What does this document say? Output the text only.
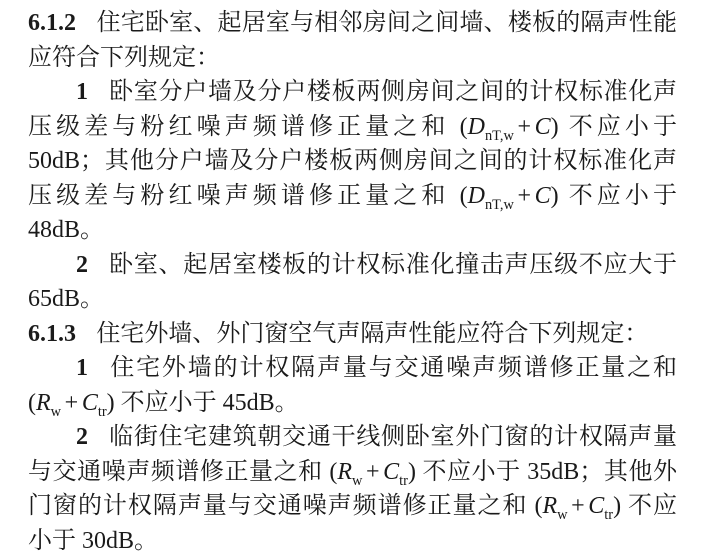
6.1.2 住宅卧室、起居室与相邻房间之间墙、楼板的隔声性能应符合下列规定：

1 卧室分户墙及分户楼板两侧房间之间的计权标准化声压级差与粉红噪声频谱修正量之和 $(D_{nT,w} + C)$ 不应小于 50dB；其他分户墙及分户楼板两侧房间之间的计权标准化声压级差与粉红噪声频谱修正量之和 $(D_{nT,w} + C)$ 不应小于 48dB。

2 卧室、起居室楼板的计权标准化撞击声压级不应大于 65dB。

6.1.3 住宅外墙、外门窗空气声隔声性能应符合下列规定：

1 住宅外墙的计权隔声量与交通噪声频谱修正量之和 $(R_w + C_{tr})$ 不应小于 45dB。

2 临街住宅建筑朝交通干线侧卧室外门窗的计权隔声量与交通噪声频谱修正量之和 $(R_w + C_{tr})$ 不应小于 35dB；其他外门窗的计权隔声量与交通噪声频谱修正量之和 $(R_w + C_{tr})$ 不应小于 30dB。
